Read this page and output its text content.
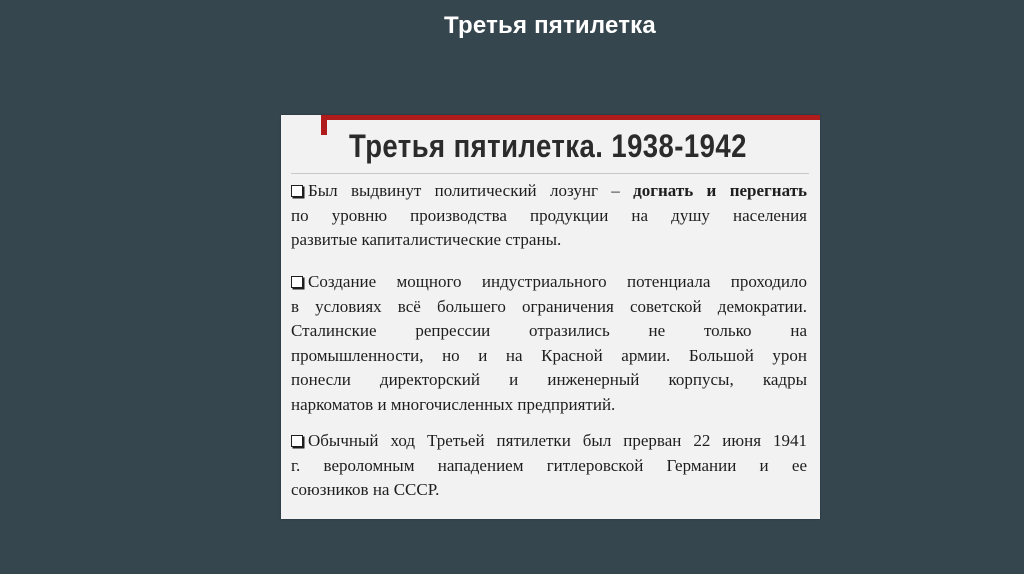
Третья пятилетка
Третья пятилетка. 1938-1942
Был выдвинут политический лозунг – догнать и перегнать
по уровню производства продукции на душу населения
развитые капиталистические страны.
Создание мощного индустриального потенциала проходило
в условиях всё большего ограничения советской демократии.
Сталинские репрессии отразились не только на
промышленности, но и на Красной армии. Большой урон
понесли директорский и инженерный корпусы, кадры
наркоматов и многочисленных предприятий.
Обычный ход Третьей пятилетки был прерван 22 июня 1941
г. вероломным нападением гитлеровской Германии и ее
союзников на СССР.
